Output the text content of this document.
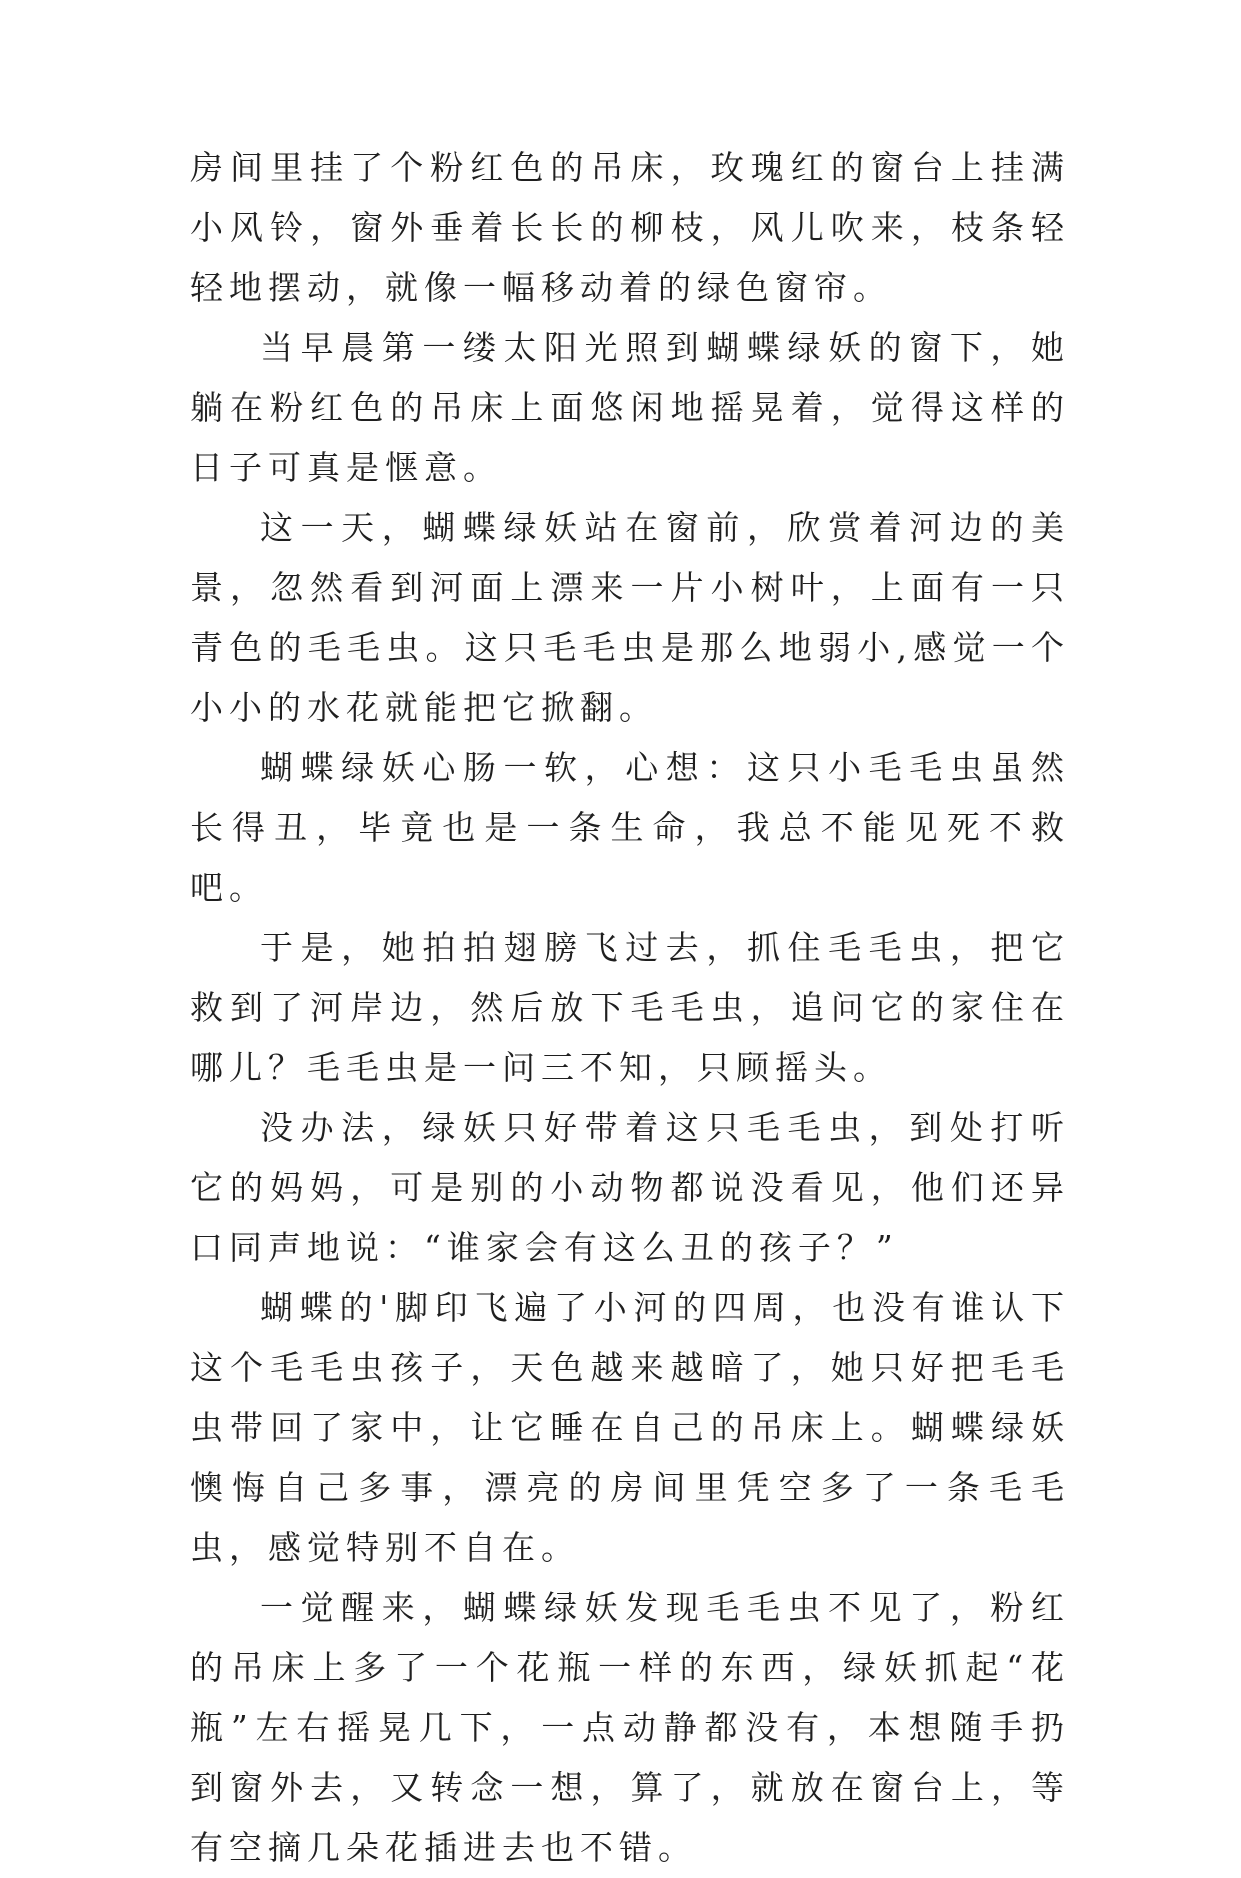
房间里挂了个粉红色的吊床，玫瑰红的窗台上挂满小风铃，窗外垂着长长的柳枝，风儿吹来，枝条轻轻地摆动，就像一幅移动着的绿色窗帘。

当早晨第一缕太阳光照到蝴蝶绿妖的窗下，她躺在粉红色的吊床上面悠闲地摇晃着，觉得这样的日子可真是惬意。

这一天，蝴蝶绿妖站在窗前，欣赏着河边的美景，忽然看到河面上漂来一片小树叶，上面有一只青色的毛毛虫。这只毛毛虫是那么地弱小,感觉一个小小的水花就能把它掀翻。

蝴蝶绿妖心肠一软，心想：这只小毛毛虫虽然长得丑，毕竟也是一条生命，我总不能见死不救吧。

于是，她拍拍翅膀飞过去，抓住毛毛虫，把它救到了河岸边，然后放下毛毛虫，追问它的家住在哪儿？毛毛虫是一问三不知，只顾摇头。

没办法，绿妖只好带着这只毛毛虫，到处打听它的妈妈，可是别的小动物都说没看见，他们还异口同声地说：“谁家会有这么丑的孩子？”

蝴蝶的'脚印飞遍了小河的四周，也没有谁认下这个毛毛虫孩子，天色越来越暗了，她只好把毛毛虫带回了家中，让它睡在自己的吊床上。蝴蝶绿妖懊悔自己多事，漂亮的房间里凭空多了一条毛毛虫，感觉特别不自在。

一觉醒来，蝴蝶绿妖发现毛毛虫不见了，粉红的吊床上多了一个花瓶一样的东西，绿妖抓起“花瓶”左右摇晃几下，一点动静都没有，本想随手扔到窗外去，又转念一想，算了，就放在窗台上，等有空摘几朵花插进去也不错。
